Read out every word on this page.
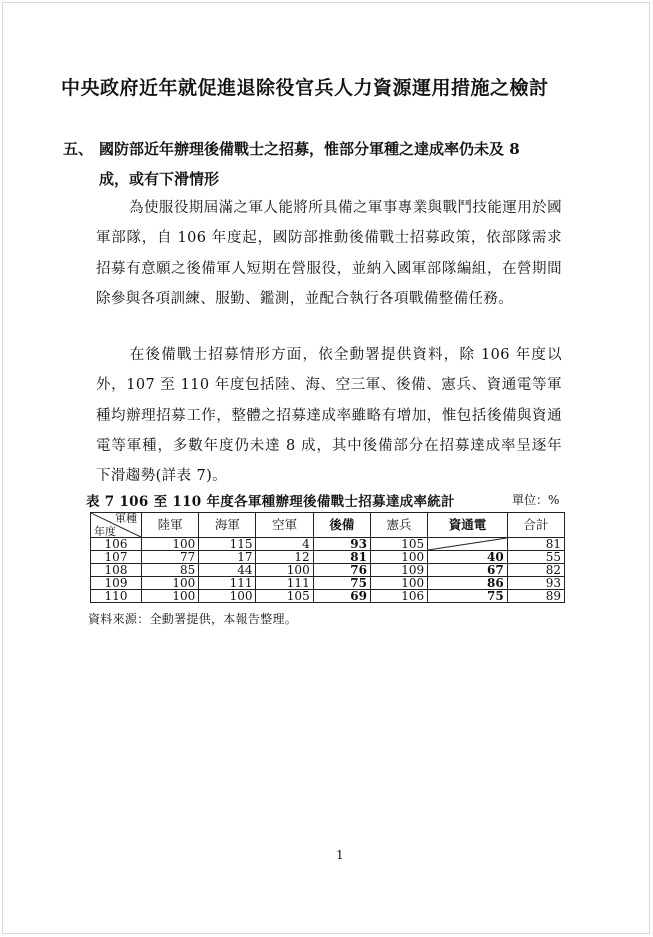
中央政府近年就促進退除役官兵人力資源運用措施之檢討
五、 國防部近年辦理後備戰士之招募，惟部分軍種之達成率仍未及 8
成，或有下滑情形
為使服役期屆滿之軍人能將所具備之軍事專業與戰鬥技能運用於國軍部隊，自 106 年度起，國防部推動後備戰士招募政策，依部隊需求招募有意願之後備軍人短期在營服役，並納入國軍部隊編組，在營期間除參與各項訓練、服勤、鑑測，並配合執行各項戰備整備任務。
在後備戰士招募情形方面，依全動署提供資料，除 106 年度以外，107 至 110 年度包括陸、海、空三軍、後備、憲兵、資通電等軍種均辦理招募工作，整體之招募達成率雖略有增加，惟包括後備與資通電等軍種，多數年度仍未達 8 成，其中後備部分在招募達成率呈逐年下滑趨勢(詳表 7)。
表 7 106 至 110 年度各軍種辦理後備戰士招募達成率統計	單位：%
軍種
年度	陸軍	海軍	空軍	後備	憲兵	資通電	合計
106	100	115	4	93	105		81
107	77	17	12	81	100	40	55
108	85	44	100	76	109	67	82
109	100	111	111	75	100	86	93
110	100	100	105	69	106	75	89
資料來源：全動署提供，本報告整理。
1
